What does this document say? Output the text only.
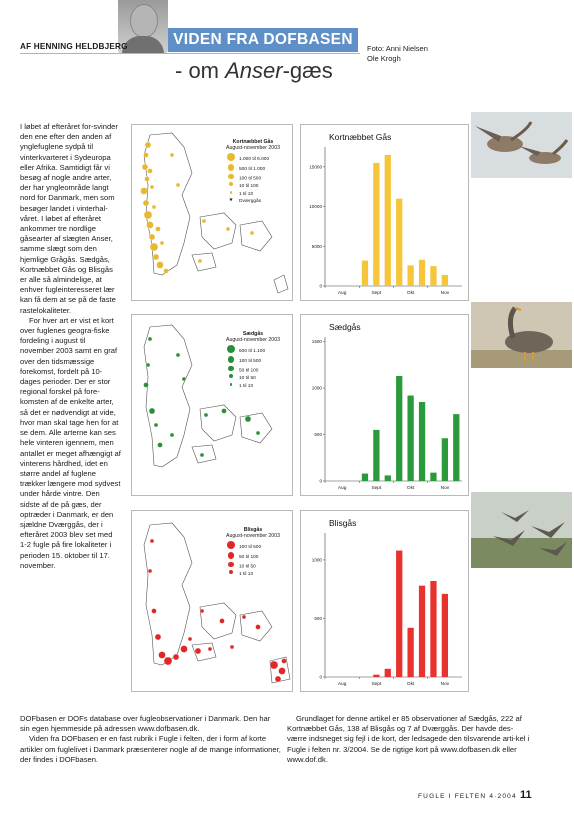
VIDEN FRA DOFBASEN
AF HENNING HELDBJERG
- om Anser-gæs
Foto: Anni Nielsen
Ole Krogh

I løbet af efteråret for-svinder den ene efter den anden af ynglefuglene sydpå til vinterkvarteret i Sydeuropa eller Afrika. Samtidigt får vi besøg af nogle andre arter, der har yngleområde langt nord for Danmark, men som besøger landet i vinterhal-våret. I løbet af efteråret ankommer tre nordlige gåsearter af slægten Anser, samme slægt som den hjemlige Grågås. Sædgås, Kortnæbbet Gås og Blisgås er alle så almindelige, at enhver fugleinteresseret lær kan få dem at se på de faste rastelokaliteter.

For hver art er vist et kort over fuglenes geogra-fiske fordeling i august til november 2003 samt en graf over den tidsmæssige forekomst, fordelt på 10-dages perioder. Der er stor regional forskel på fore-komsten af de enkelte arter, så det er nødvendigt at vide, hvor man skal tage hen for at se dem. Alle arterne kan ses hele vinteren igennem, men antallet er meget afhængigt af vinterens hårdhed, idet en større andel af fuglene trækker længere mod sydvest under hårde vintre. Den sidste af de på gæs, der optræder i Danmark, er den sjældne Dværggås, der i efteråret 2003 blev set med 1-2 fugle på fire lokaliteter i perioden 15. oktober til 17. november.

Kortnæbbet Gås
August-november 2003
1.000 til 6.000
500 til 1.000
100 til 500
10 til 100
1 til 10
★ Dværggås
Sædgås
August-november 2003
500 til 1.100
100 til 500
50 til 100
10 til 50
1 til 10
Blisgås
August-november 2003
100 til 500
50 til 100
10 til 50
1 til 10
Kortnæbbet Gås
0
5000
10000
15000
Aug	Sept	Okt	Nov
Sædgås
0
500
1000
1500
Aug	Sept	Okt	Nov
Blisgås
0
500
1000
Aug	Sept	Okt	Nov

DOFbasen er DOFs database over fugleobservationer i Danmark. Den har sin egen hjemmeside på adressen www.dofbasen.dk.

Viden fra DOFbasen er en fast rubrik i Fugle i felten, der i form af korte artikler om fuglelivet i Danmark præsenterer nogle af de mange informationer, der findes i DOFbasen.

Grundlaget for denne artikel er 85 observationer af Sædgås, 222 af Kortnæbbet Gås, 138 af Blisgås og 7 af Dværggås. Der havde des-værre indsneget sig fejl i de kort, der ledsagede den tilsvarende arti-kel i Fugle i felten nr. 3/2004. Se de rigtige kort på www.dofbasen.dk eller www.dof.dk.

FUGLE I FELTEN 4·2004 11
